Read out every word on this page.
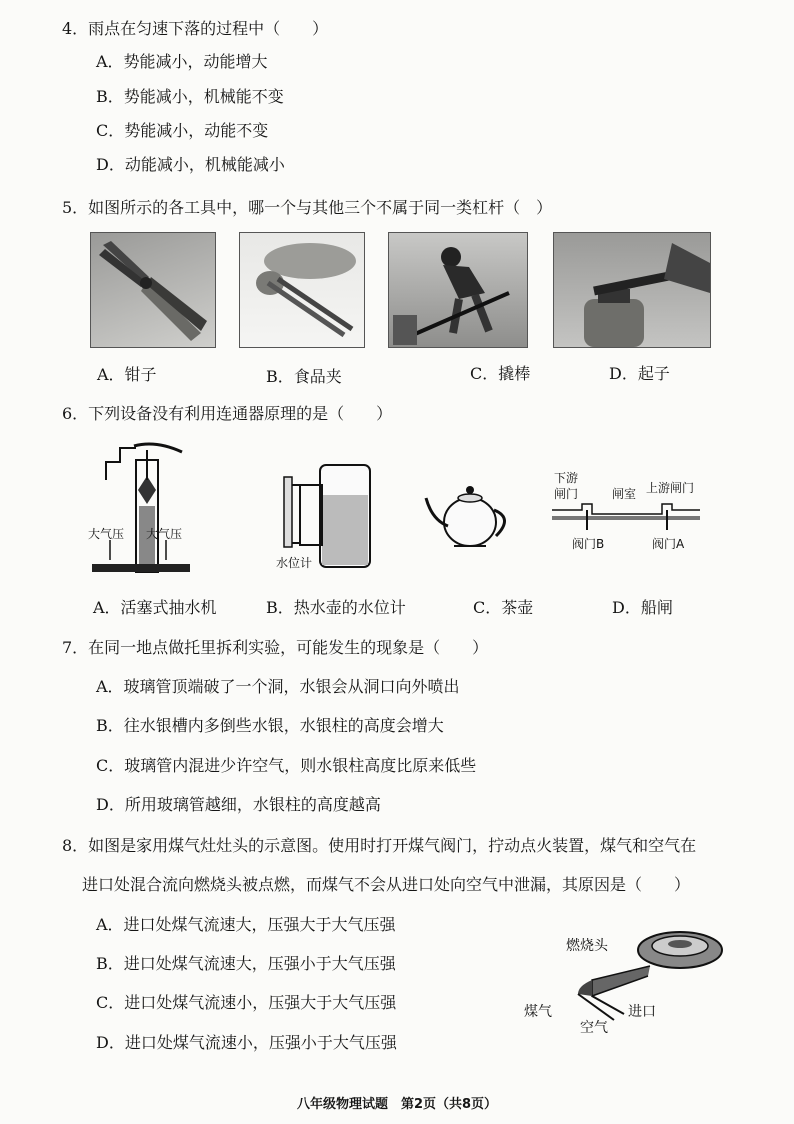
4．雨点在匀速下落的过程中（　　）
A．势能减小，动能增大
B．势能减小，机械能不变
C．势能减小，动能不变
D．动能减小，机械能减小
5．如图所示的各工具中，哪一个与其他三个不属于同一类杠杆（　）
A．钳子	B．食品夹	C．撬棒	D．起子
6．下列设备没有利用连通器原理的是（　　）
大气压 大气压
水位计
下游
闸门	闸室 上游闸门
阀门B	阀门A
A．活塞式抽水机	B．热水壶的水位计	C．茶壶	D．船闸
7．在同一地点做托里拆利实验，可能发生的现象是（　　）
A．玻璃管顶端破了一个洞，水银会从洞口向外喷出
B．往水银槽内多倒些水银，水银柱的高度会增大
C．玻璃管内混进少许空气，则水银柱高度比原来低些
D．所用玻璃管越细，水银柱的高度越高
8．如图是家用煤气灶灶头的示意图。使用时打开煤气阀门，拧动点火装置，煤气和空气在
进口处混合流向燃烧头被点燃，而煤气不会从进口处向空气中泄漏，其原因是（　　）
A．进口处煤气流速大，压强大于大气压强
B．进口处煤气流速大，压强小于大气压强
C．进口处煤气流速小，压强大于大气压强
D．进口处煤气流速小，压强小于大气压强
燃烧头
煤气	进口
空气
八年级物理试题　第2页（共8页）
